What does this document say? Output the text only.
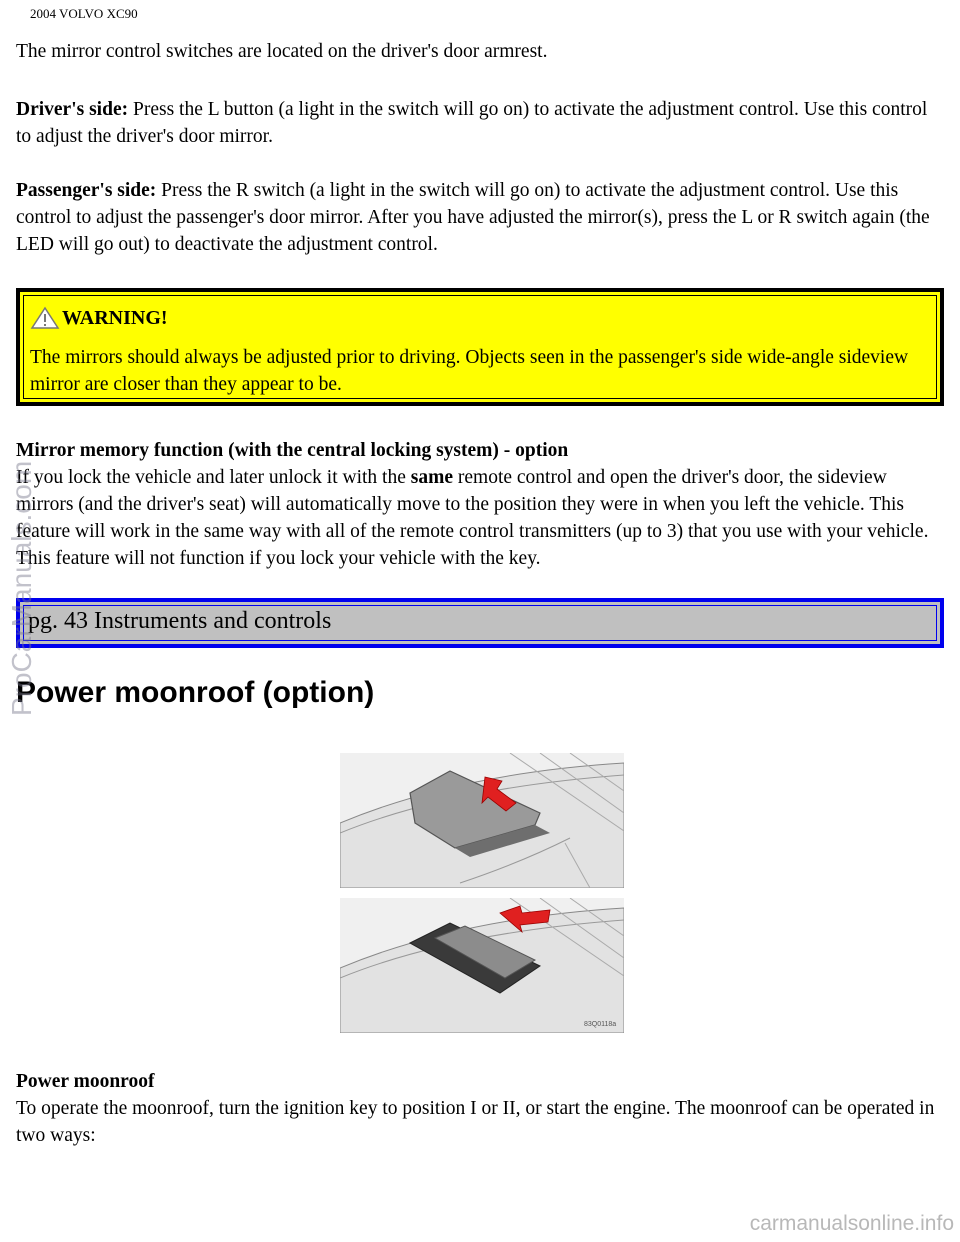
2004 VOLVO XC90

The mirror control switches are located on the driver's door armrest.

Driver's side: Press the L button (a light in the switch will go on) to activate the adjustment control. Use this control to adjust the driver's door mirror.

Passenger's side: Press the R switch (a light in the switch will go on) to activate the adjustment control. Use this control to adjust the passenger's door mirror. After you have adjusted the mirror(s), press the L or R switch again (the LED will go out) to deactivate the adjustment control.

WARNING!
The mirrors should always be adjusted prior to driving. Objects seen in the passenger's side wide-angle sideview mirror are closer than they appear to be.

Mirror memory function (with the central locking system) - option
If you lock the vehicle and later unlock it with the same remote control and open the driver's door, the sideview mirrors (and the driver's seat) will automatically move to the position they were in when you left the vehicle. This feature will work in the same way with all of the remote control transmitters (up to 3) that you use with your vehicle. This feature will not function if you lock your vehicle with the key.

pg. 43 Instruments and controls
Power moonroof (option)
83Q0118a

Power moonroof
To operate the moonroof, turn the ignition key to position I or II, or start the engine. The moonroof can be operated in two ways:

ProCarManuals.com
carmanualsonline.info
